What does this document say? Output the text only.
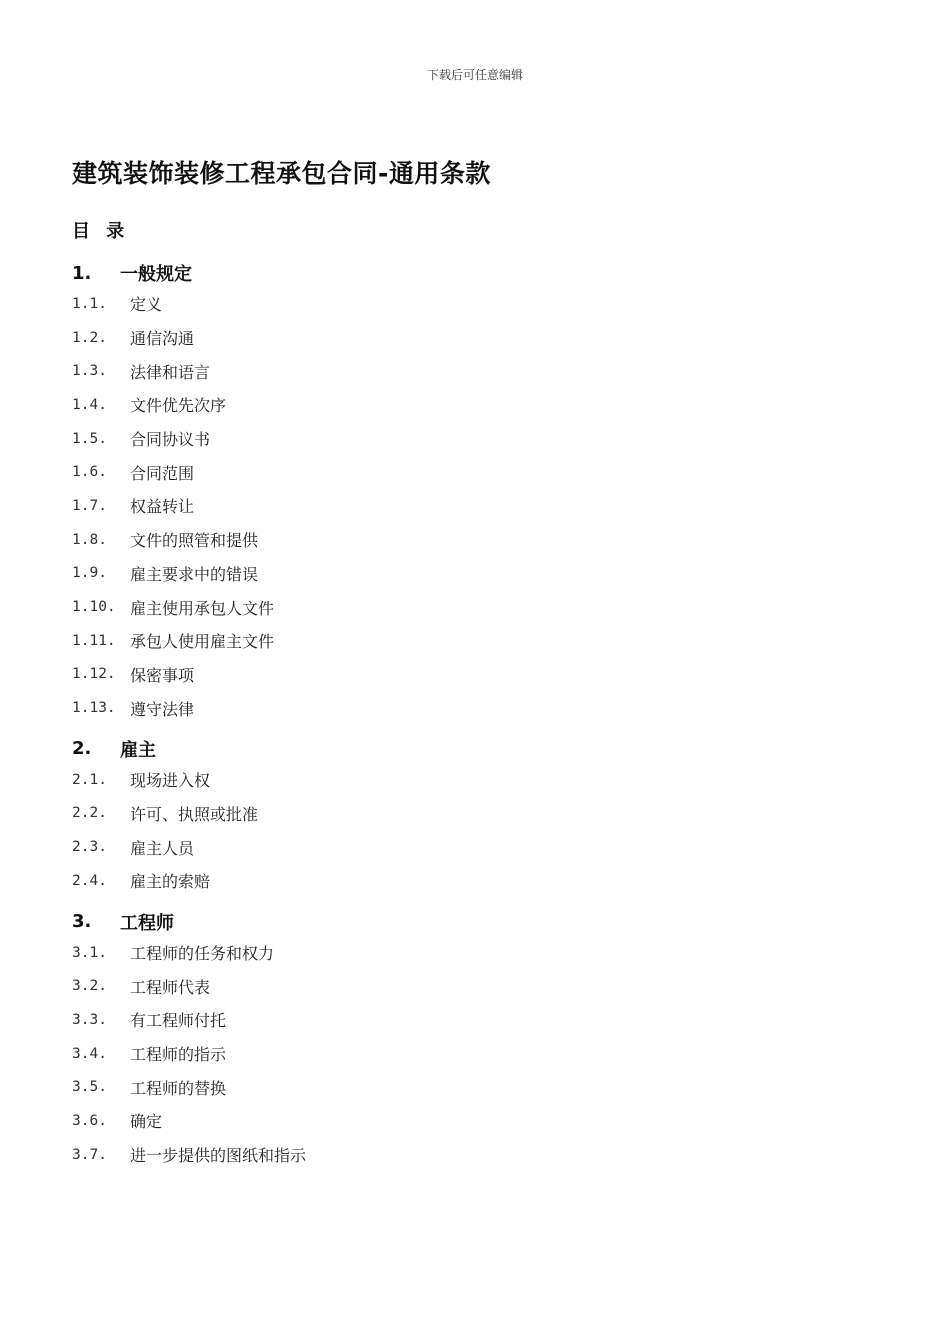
下载后可任意编辑
建筑装饰装修工程承包合同-通用条款
目 录
1.	一般规定
1.1.	定义
1.2.	通信沟通
1.3.	法律和语言
1.4.	文件优先次序
1.5.	合同协议书
1.6.	合同范围
1.7.	权益转让
1.8.	文件的照管和提供
1.9.	雇主要求中的错误
1.10. 雇主使用承包人文件
1.11. 承包人使用雇主文件
1.12. 保密事项
1.13. 遵守法律
2.	雇主
2.1.	现场进入权
2.2.	许可、执照或批准
2.3.	雇主人员
2.4.	雇主的索赔
3.	工程师
3.1.	工程师的任务和权力
3.2.	工程师代表
3.3.	有工程师付托
3.4.	工程师的指示
3.5.	工程师的替换
3.6.	确定
3.7.	进一步提供的图纸和指示
